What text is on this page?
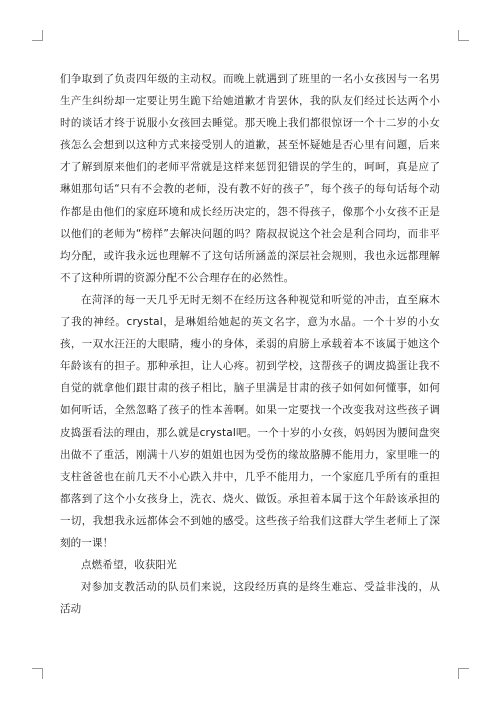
们争取到了负责四年级的主动权。而晚上就遇到了班里的一名小女孩因与一名男生产生纠纷却一定要让男生跪下给她道歉才肯罢休，我的队友们经过长达两个小时的谈话才终于说服小女孩回去睡觉。那天晚上我们都很惊讶一个十二岁的小女孩怎么会想到以这种方式来接受别人的道歉，甚至怀疑她是否心里有问题，后来才了解到原来他们的老师平常就是这样来惩罚犯错误的学生的，呵呵，真是应了琳姐那句话“只有不会教的老师，没有教不好的孩子”，每个孩子的每句话每个动作都是由他们的家庭环境和成长经历决定的，怨不得孩子，像那个小女孩不正是以他们的老师为“榜样”去解决问题的吗？隋叔叔说这个社会是利合同均，而非平均分配，或许我永远也理解不了这句话所涵盖的深层社会规则，我也永远都理解不了这种所谓的资源分配不公合理存在的必然性。

在菏泽的每一天几乎无时无刻不在经历这各种视觉和听觉的冲击，直至麻木了我的神经。crystal，是琳姐给她起的英文名字，意为水晶。一个十岁的小女孩，一双水汪汪的大眼睛，瘦小的身体，柔弱的肩膀上承载着本不该属于她这个年龄该有的担子。那种承担，让人心疼。初到学校，这帮孩子的调皮捣蛋让我不自觉的就拿他们跟甘肃的孩子相比，脑子里满是甘肃的孩子如何如何懂事，如何如何听话，全然忽略了孩子的性本善啊。如果一定要找一个改变我对这些孩子调皮捣蛋看法的理由，那么就是crystal吧。一个十岁的小女孩，妈妈因为腰间盘突出做不了重活，刚满十八岁的姐姐也因为受伤的缘故胳膊不能用力，家里唯一的支柱爸爸也在前几天不小心跌入井中，几乎不能用力，一个家庭几乎所有的重担都落到了这个小女孩身上，洗衣、烧火、做饭。承担着本属于这个年龄该承担的一切，我想我永远都体会不到她的感受。这些孩子给我们这群大学生老师上了深刻的一课！

点燃希望，收获阳光

对参加支教活动的队员们来说，这段经历真的是终生难忘、受益非浅的，从活动
